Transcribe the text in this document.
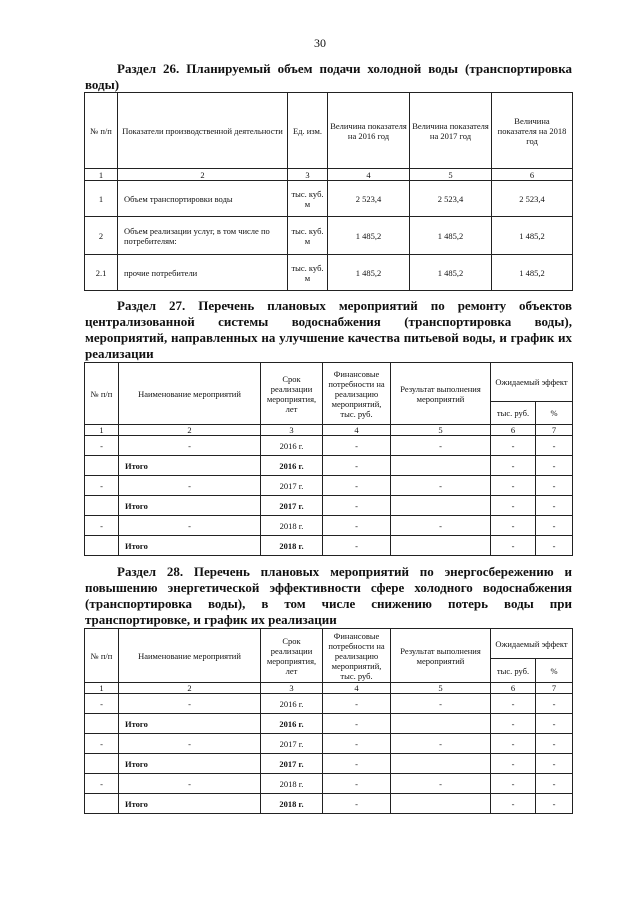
30
Раздел 26. Планируемый объем подачи холодной воды (транспортировка воды)
№ п/п	Показатели производственной деятельности	Ед. изм.	Величина показателя на 2016 год	Величина показателя на 2017 год	Величина показателя на 2018 год
1	2	3	4	5	6
1	Объем транспортировки воды	тыс. куб. м	2 523,4	2 523,4	2 523,4
2	Объем реализации услуг, в том числе по потребителям:	тыс. куб. м	1 485,2	1 485,2	1 485,2
2.1	прочие потребители	тыс. куб. м	1 485,2	1 485,2	1 485,2
Раздел 27. Перечень плановых мероприятий по ремонту объектов централизованной системы водоснабжения (транспортировка воды), мероприятий, направленных на улучшение качества питьевой воды, и график их реализации
№ п/п	Наименование мероприятий	Срок реализации мероприятия, лет	Финансовые потребности на реализацию мероприятий, тыс. руб.	Результат выполнения мероприятий	Ожидаемый эффект	
					тыс. руб.	%
1	2	3	4	5	6	7
-	-	2016 г.	-	-	-	-
	Итого	2016 г.	-		-	-
-	-	2017 г.	-	-	-	-
	Итого	2017 г.	-		-	-
-	-	2018 г.	-	-	-	-
	Итого	2018 г.	-		-	-
Раздел 28. Перечень плановых мероприятий по энергосбережению и повышению энергетической эффективности сфере холодного водоснабжения (транспортировка воды), в том числе снижению потерь воды при транспортировке, и график их реализации
№ п/п	Наименование мероприятий	Срок реализации мероприятия, лет	Финансовые потребности на реализацию мероприятий, тыс. руб.	Результат выполнения мероприятий	Ожидаемый эффект	
					тыс. руб.	%
1	2	3	4	5	6	7
-	-	2016 г.	-	-	-	-
	Итого	2016 г.	-		-	-
-	-	2017 г.	-	-	-	-
	Итого	2017 г.	-		-	-
-	-	2018 г.	-	-	-	-
	Итого	2018 г.	-		-	-
